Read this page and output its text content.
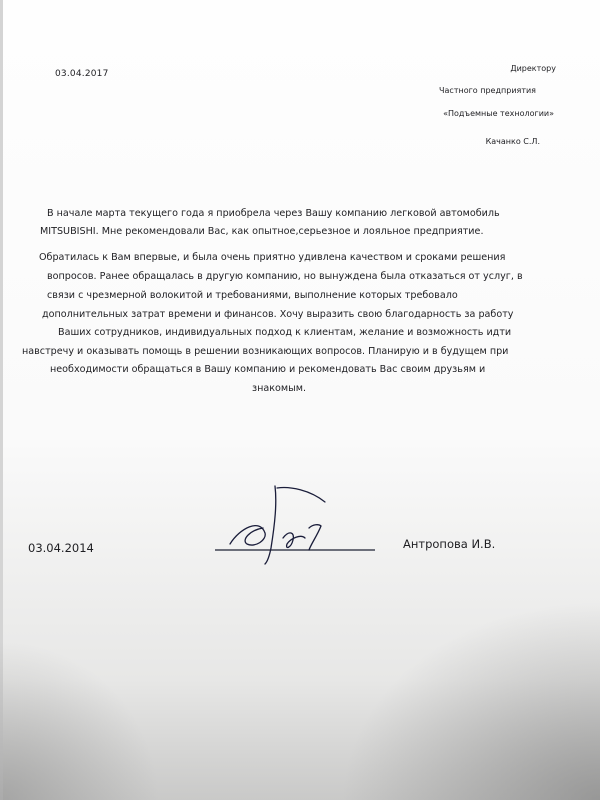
03.04.2017
Директору
Частного предприятия
«Подъемные технологии»
Качанко С.Л.
В начале марта текущего года я приобрела через Вашу компанию легковой автомобиль
MITSUBISHI. Мне рекомендовали Вас, как опытное,серьезное и лояльное предприятие.
Обратилась к Вам впервые, и была очень приятно удивлена качеством и сроками решения
вопросов. Ранее обращалась в другую компанию, но вынуждена была отказаться от услуг, в
связи с чрезмерной волокитой и требованиями, выполнение которых требовало
дополнительных затрат времени и финансов. Хочу выразить свою благодарность за работу
Ваших сотрудников, индивидуальных подход к клиентам, желание и возможность идти
навстречу и оказывать помощь в решении возникающих вопросов. Планирую и в будущем при
необходимости обращаться в Вашу компанию и рекомендовать Вас своим друзьям и
знакомым.
03.04.2014	Антропова И.В.
